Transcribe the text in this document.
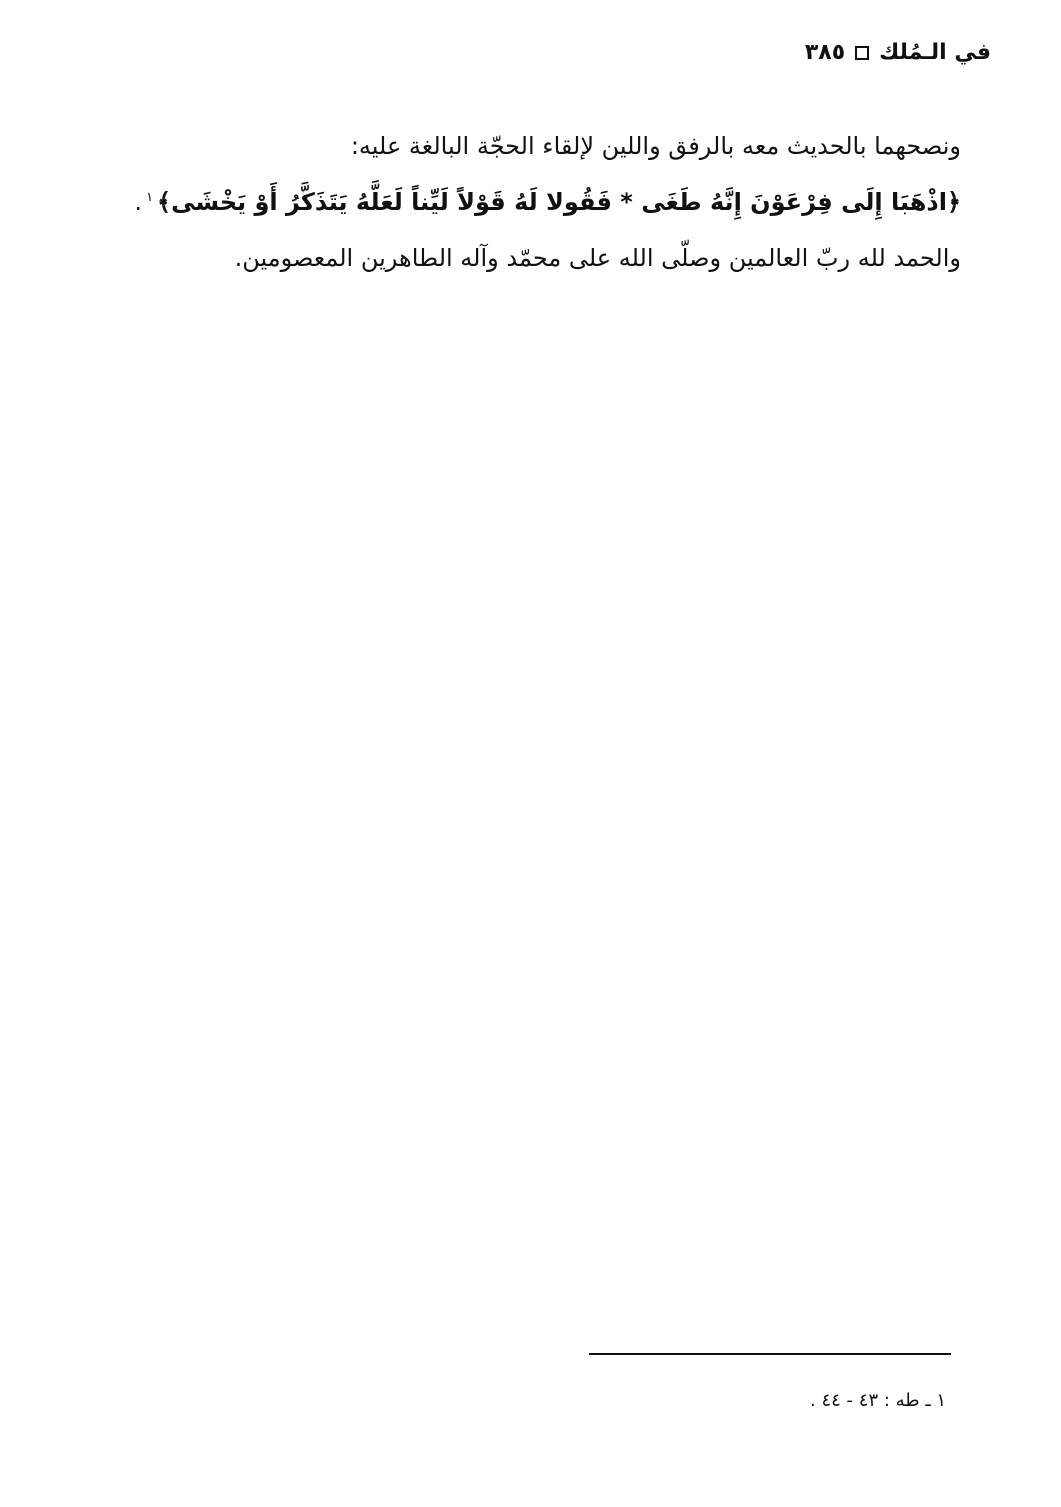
في الـمُلك
٣٨٥

ونصحهما بالحديث معه بالرفق واللين لإلقاء الحجّة البالغة عليه:

﴿اذْهَبَا إِلَى فِرْعَوْنَ إِنَّهُ طَغَى * فَقُولا لَهُ قَوْلاً لَيِّناً لَعَلَّهُ يَتَذَكَّرُ أَوْ يَخْشَى﴾$^١$.

والحمد لله ربّ العالمين وصلّى الله على محمّد وآله الطاهرين المعصومين.

١ ـ طه : ٤٣ - ٤٤ .
